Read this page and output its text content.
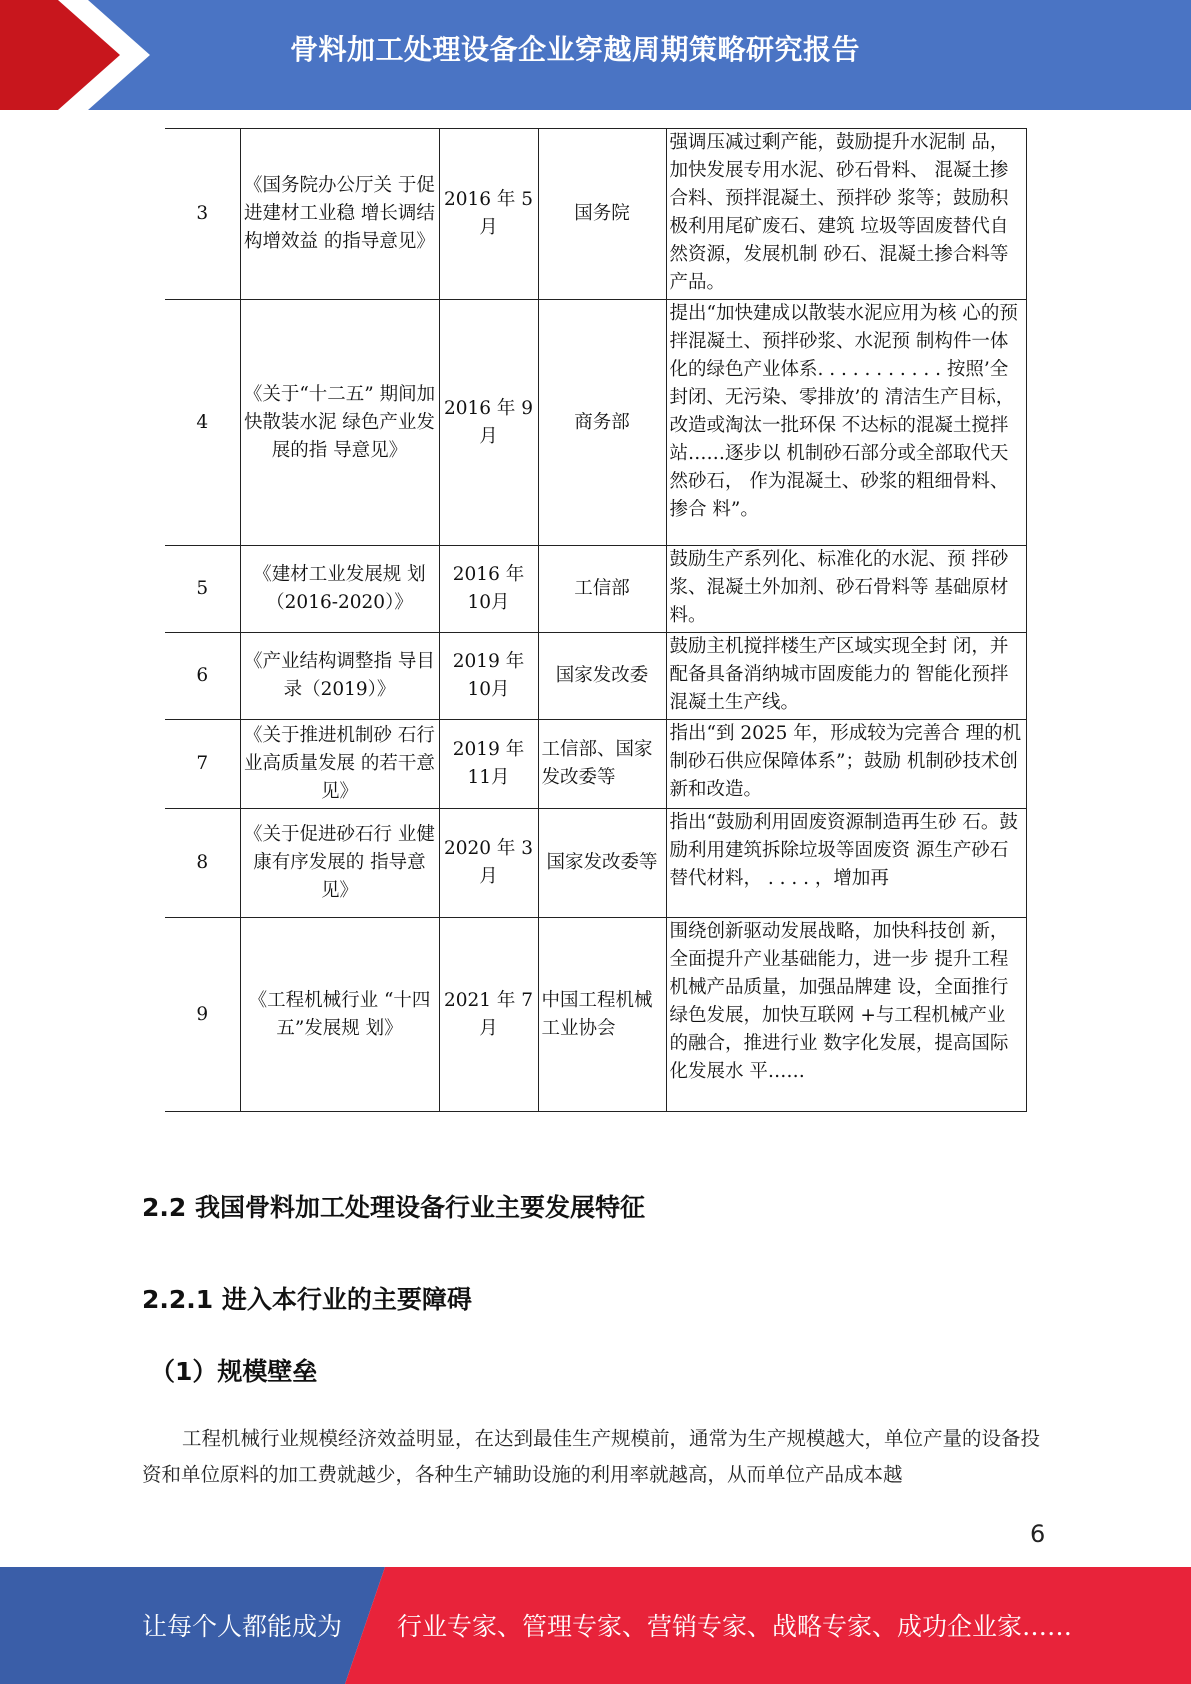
骨料加工处理设备企业穿越周期策略研究报告
3	《国务院办公厅关 于促进建材工业稳 增长调结构增效益 的指导意见》	2016 年 5月	国务院	强调压减过剩产能，鼓励提升水泥制 品，加快发展专用水泥、砂石骨料、 混凝土掺合料、预拌混凝土、预拌砂 浆等；鼓励积极利用尾矿废石、建筑 垃圾等固废替代自然资源，发展机制 砂石、混凝土掺合料等产品。
4	《关于“十二五” 期间加快散装水泥 绿色产业发展的指 导意见》	2016 年 9月	商务部	提出“加快建成以散装水泥应用为核 心的预拌混凝土、预拌砂浆、水泥预 制构件一体化的绿色产业体系. . . . . . . . . . . 按照’全封闭、无污染、零排放’的 清洁生产目标，改造或淘汰一批环保 不达标的混凝土搅拌站……逐步以 机制砂石部分或全部取代天然砂石， 作为混凝土、砂浆的粗细骨料、掺合 料”。
5	《建材工业发展规 划（2016-2020）》	2016 年 10月	工信部	鼓励生产系列化、标准化的水泥、预 拌砂浆、混凝土外加剂、砂石骨料等 基础原材料。
6	《产业结构调整指 导目录（2019）》	2019 年 10月	国家发改委	鼓励主机搅拌楼生产区域实现全封 闭，并配备具备消纳城市固废能力的 智能化预拌混凝土生产线。
7	《关于推进机制砂 石行业高质量发展 的若干意见》	2019 年 11月	工信部、国家发改委等	指出“到 2025 年，形成较为完善合 理的机制砂石供应保障体系”；鼓励 机制砂技术创新和改造。
8	《关于促进砂石行 业健康有序发展的 指导意见》	2020 年 3月	国家发改委等	指出“鼓励利用固废资源制造再生砂 石。鼓励利用建筑拆除垃圾等固废资 源生产砂石替代材料， . . . . ，增加再
9	《工程机械行业 “十四五”发展规 划》	2021 年 7月	中国工程机械工业协会	围绕创新驱动发展战略，加快科技创 新，全面提升产业基础能力，进一步 提升工程机械产品质量，加强品牌建 设，全面推行绿色发展，加快互联网 +与工程机械产业的融合，推进行业 数字化发展，提高国际化发展水 平……
2.2 我国骨料加工处理设备行业主要发展特征
2.2.1 进入本行业的主要障碍
（1）规模壁垒
工程机械行业规模经济效益明显，在达到最佳生产规模前，通常为生产规模越大，单位产量的设备投资和单位原料的加工费就越少，各种生产辅助设施的利用率就越高，从而单位产品成本越
6
让每个人都能成为 行业专家、管理专家、营销专家、战略专家、成功企业家……
